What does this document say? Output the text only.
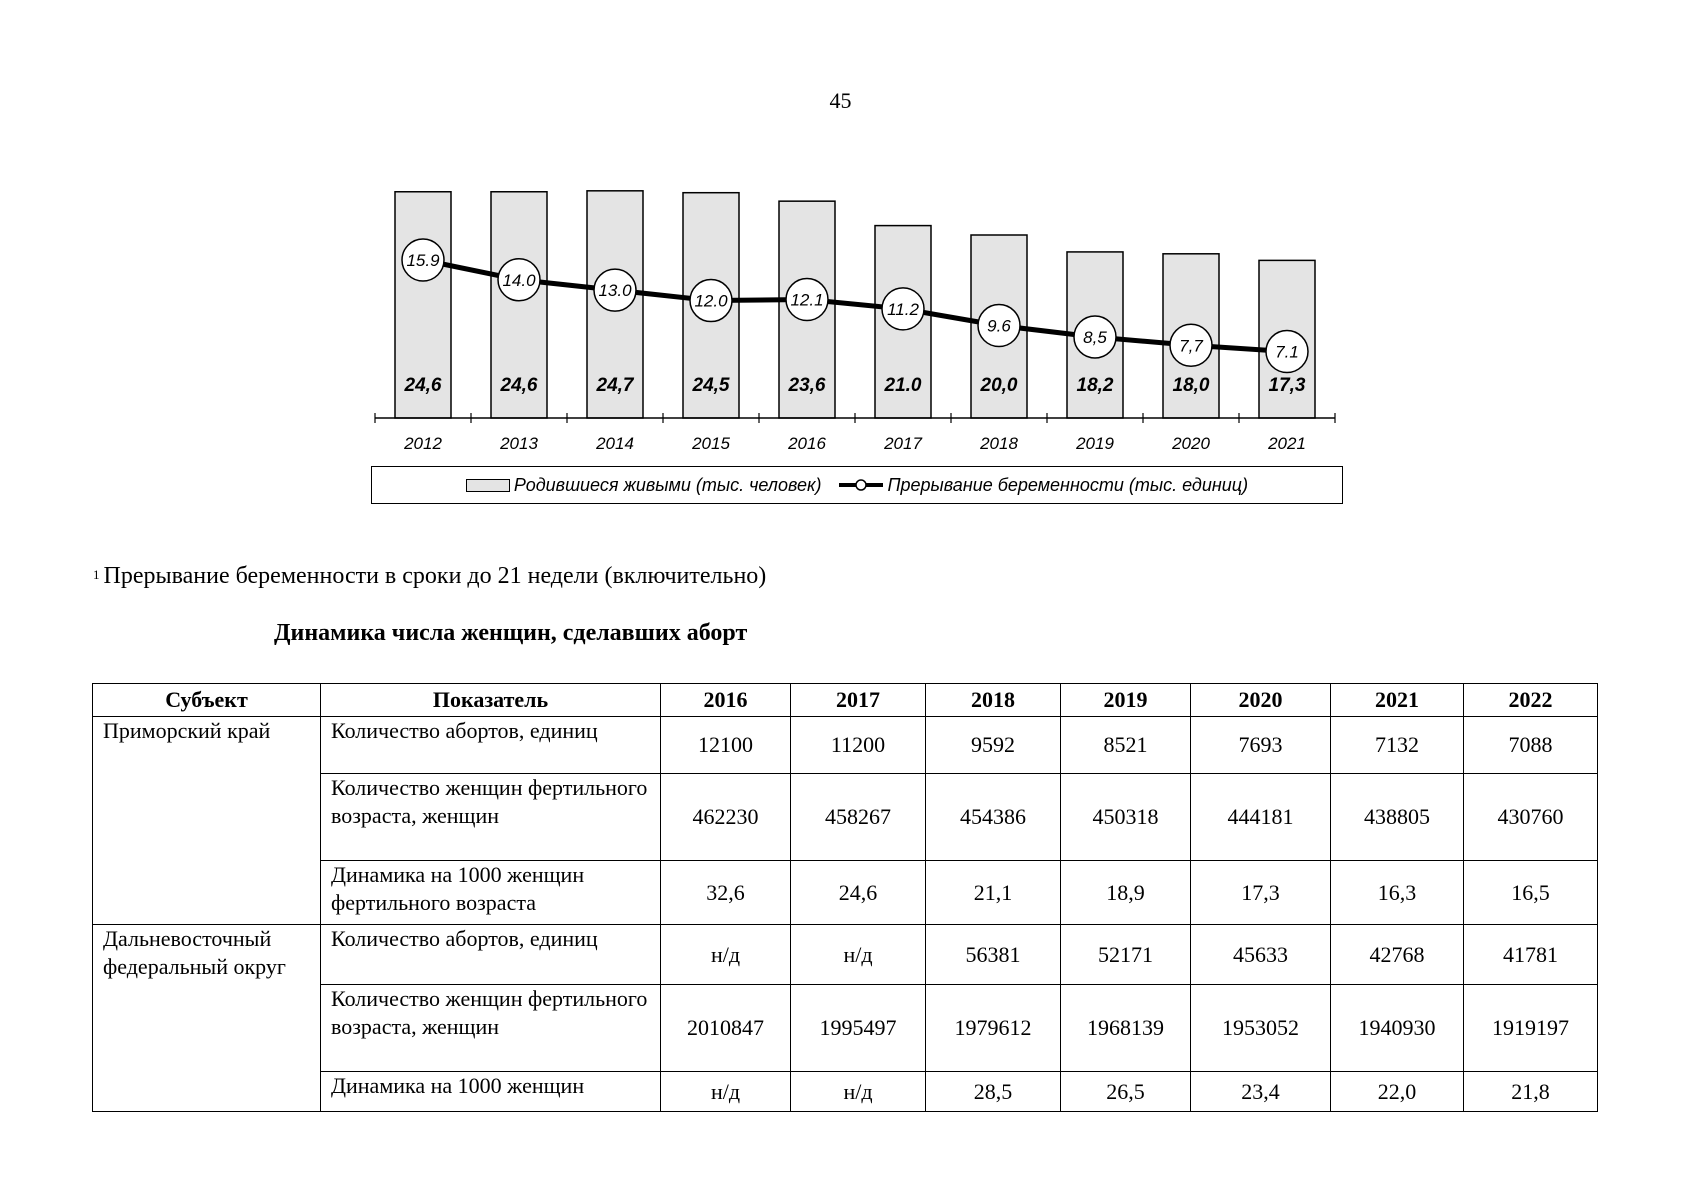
45
24,6	24,6	24,7	24,5	23,6	21.0	20,0	18,2	18,0	17,3
2012	2013	2014	2015	2016	2017	2018	2019	2020	2021
15.9
14.0
13.0
12.0	12.1	11.2
9.6
8,5	7,7	7.1
Родившиеся живыми (тыс. человек)	Прерывание беременности (тыс. единиц)
$^1$ Прерывание беременности в сроки до 21 недели (включительно)
Динамика числа женщин, сделавших аборт
Субъект	Показатель	2016	2017	2018	2019	2020	2021	2022
Приморский край	Количество абортов, единиц	12100	11200	9592	8521	7693	7132	7088
	Количество женщин фертильного возраста, женщин	462230	458267	454386	450318	444181	438805	430760
	Динамика на 1000 женщин фертильного возраста	32,6	24,6	21,1	18,9	17,3	16,3	16,5
Дальневосточный федеральный округ	Количество абортов, единиц	н/д	н/д	56381	52171	45633	42768	41781
	Количество женщин фертильного возраста, женщин	2010847	1995497	1979612	1968139	1953052	1940930	1919197
	Динамика на 1000 женщин	н/д	н/д	28,5	26,5	23,4	22,0	21,8
